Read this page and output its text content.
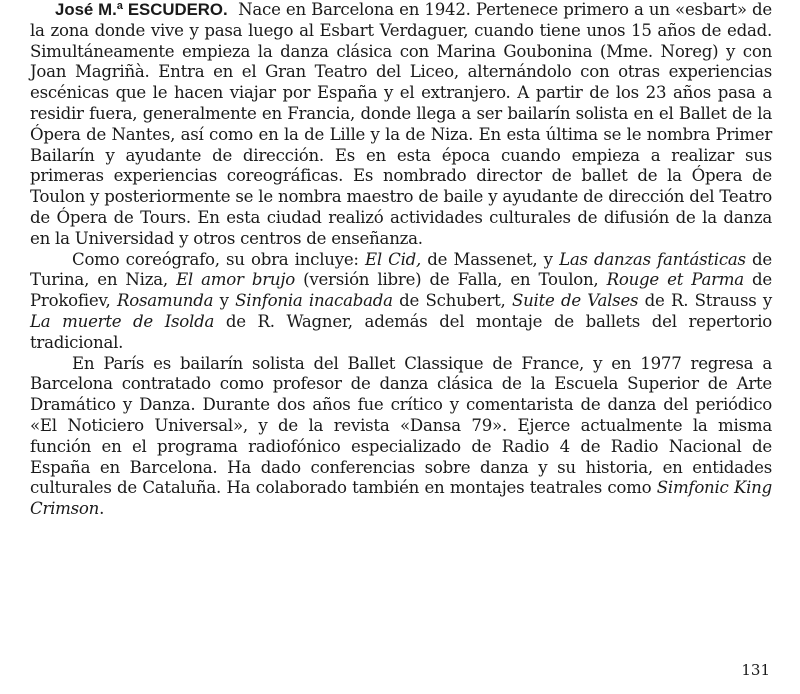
José M.ª ESCUDERO. Nace en Barcelona en 1942. Pertenece primero a un «esbart» de la zona donde vive y pasa luego al Esbart Verdaguer, cuando tiene unos 15 años de edad. Simultáneamente empieza la danza clásica con Marina Goubonina (Mme. Noreg) y con Joan Magriñà. Entra en el Gran Teatro del Liceo, alternándolo con otras experiencias escénicas que le hacen viajar por España y el extranjero. A partir de los 23 años pasa a residir fuera, generalmente en Francia, donde llega a ser bailarín solista en el Ballet de la Ópera de Nantes, así como en la de Lille y la de Niza. En esta última se le nombra Primer Bailarín y ayudante de dirección. Es en esta época cuando empieza a realizar sus primeras experiencias coreográficas. Es nombrado director de ballet de la Ópera de Toulon y posteriormente se le nombra maestro de baile y ayudante de dirección del Teatro de Ópera de Tours. En esta ciudad realizó actividades culturales de difusión de la danza en la Universidad y otros centros de enseñanza.

Como coreógrafo, su obra incluye: El Cid, de Massenet, y Las danzas fantásticas de Turina, en Niza, El amor brujo (versión libre) de Falla, en Toulon, Rouge et Parma de Prokofiev, Rosamunda y Sinfonia inacabada de Schubert, Suite de Valses de R. Strauss y La muerte de Isolda de R. Wagner, además del montaje de ballets del repertorio tradicional.

En París es bailarín solista del Ballet Classique de France, y en 1977 regresa a Barcelona contratado como profesor de danza clásica de la Escuela Superior de Arte Dramático y Danza. Durante dos años fue crítico y comentarista de danza del periódico «El Noticiero Universal», y de la revista «Dansa 79». Ejerce actualmente la misma función en el programa radiofónico especializado de Radio 4 de Radio Nacional de España en Barcelona. Ha dado conferencias sobre danza y su historia, en entidades culturales de Cataluña. Ha colaborado también en montajes teatrales como Simfonic King Crimson.

131
